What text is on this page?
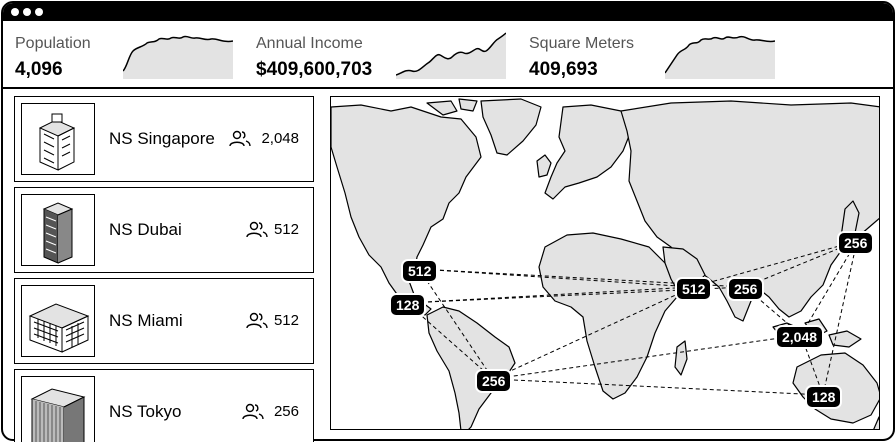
Population
4,096
Annual Income
$409,600,703
Square Meters
409,693
NS Singapore	2,048
NS Dubai	512
NS Miami	512
NS Tokyo	256
512
128
256
512	256
2,048
256
128
